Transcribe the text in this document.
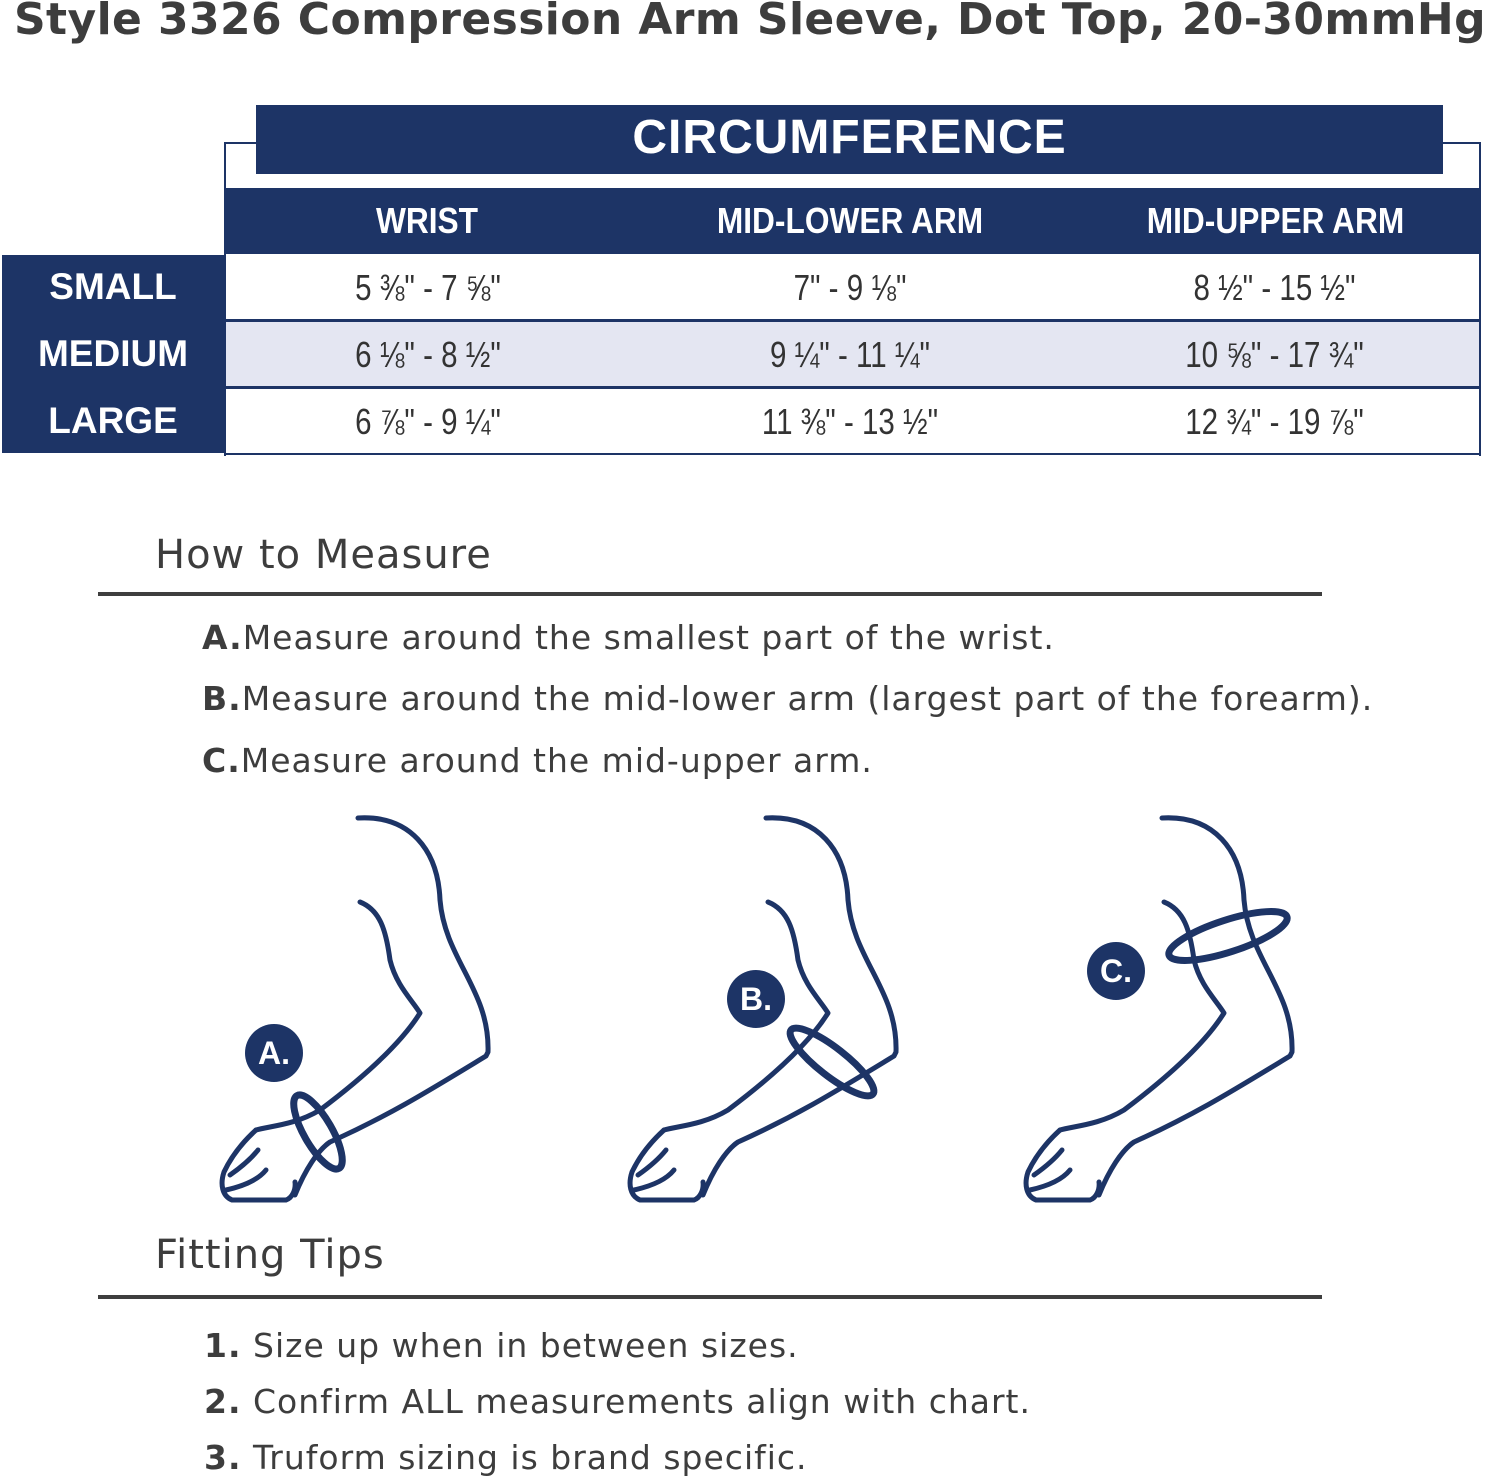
Style 3326 Compression Arm Sleeve, Dot Top, 20-30mmHg
CIRCUMFERENCE
WRIST	MID-LOWER ARM	MID-UPPER ARM
SMALL	5 ⅜" - 7 ⅝"	7" - 9 ⅛"	8 ½" - 15 ½"
MEDIUM	6 ⅛" - 8 ½"	9 ¼" - 11 ¼"	10 ⅝" - 17 ¾"
LARGE	6 ⅞" - 9 ¼"	11 ⅜" - 13 ½"	12 ¾" - 19 ⅞"
How to Measure
A.Measure around the smallest part of the wrist.
B.Measure around the mid-lower arm (largest part of the forearm).
C.Measure around the mid-upper arm.
A.
B.
C.
Fitting Tips
1. Size up when in between sizes.
2. Confirm ALL measurements align with chart.
3. Truform sizing is brand specific.
